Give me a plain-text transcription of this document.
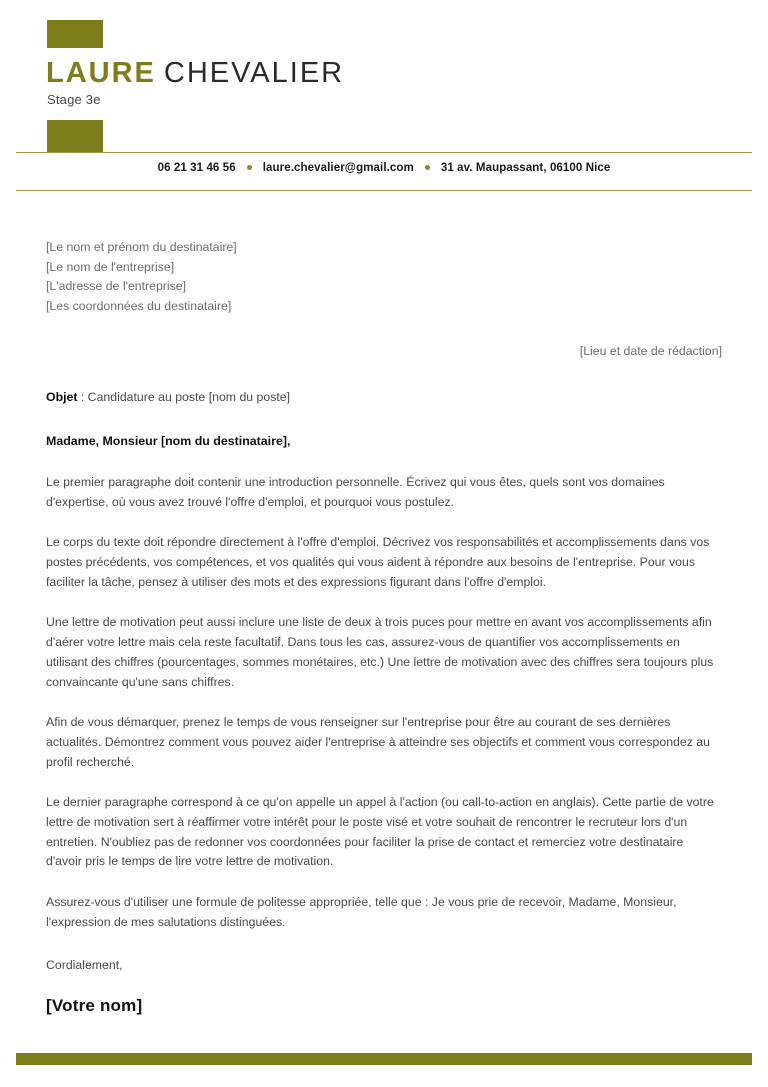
LAURE CHEVALIER
Stage 3e
06 21 31 46 56 laure.chevalier@gmail.com 31 av. Maupassant, 06100 Nice
[Le nom et prénom du destinataire]
[Le nom de l'entreprise]
[L'adresse de l'entreprise]
[Les coordonnées du destinataire]
[Lieu et date de rédaction]
Objet : Candidature au poste [nom du poste]
Madame, Monsieur [nom du destinataire],
Le premier paragraphe doit contenir une introduction personnelle. Écrivez qui vous êtes, quels sont vos domaines d'expertise, où vous avez trouvé l'offre d'emploi, et pourquoi vous postulez.
Le corps du texte doit répondre directement à l'offre d'emploi. Décrivez vos responsabilités et accomplissements dans vos postes précédents, vos compétences, et vos qualités qui vous aident à répondre aux besoins de l'entreprise. Pour vous faciliter la tâche, pensez à utiliser des mots et des expressions figurant dans l'offre d'emploi.
Une lettre de motivation peut aussi inclure une liste de deux à trois puces pour mettre en avant vos accomplissements afin d'aérer votre lettre mais cela reste facultatif. Dans tous les cas, assurez-vous de quantifier vos accomplissements en utilisant des chiffres (pourcentages, sommes monétaires, etc.) Une lettre de motivation avec des chiffres sera toujours plus convaincante qu'une sans chiffres.
Afin de vous démarquer, prenez le temps de vous renseigner sur l'entreprise pour être au courant de ses dernières actualités. Démontrez comment vous pouvez aider l'entreprise à atteindre ses objectifs et comment vous correspondez au profil recherché.
Le dernier paragraphe correspond à ce qu'on appelle un appel à l'action (ou call-to-action en anglais). Cette partie de votre lettre de motivation sert à réaffirmer votre intérêt pour le poste visé et votre souhait de rencontrer le recruteur lors d'un entretien. N'oubliez pas de redonner vos coordonnées pour faciliter la prise de contact et remerciez votre destinataire d'avoir pris le temps de lire votre lettre de motivation.
Assurez-vous d'utiliser une formule de politesse appropriée, telle que : Je vous prie de recevoir, Madame, Monsieur, l'expression de mes salutations distinguées.
Cordialement,
[Votre nom]
